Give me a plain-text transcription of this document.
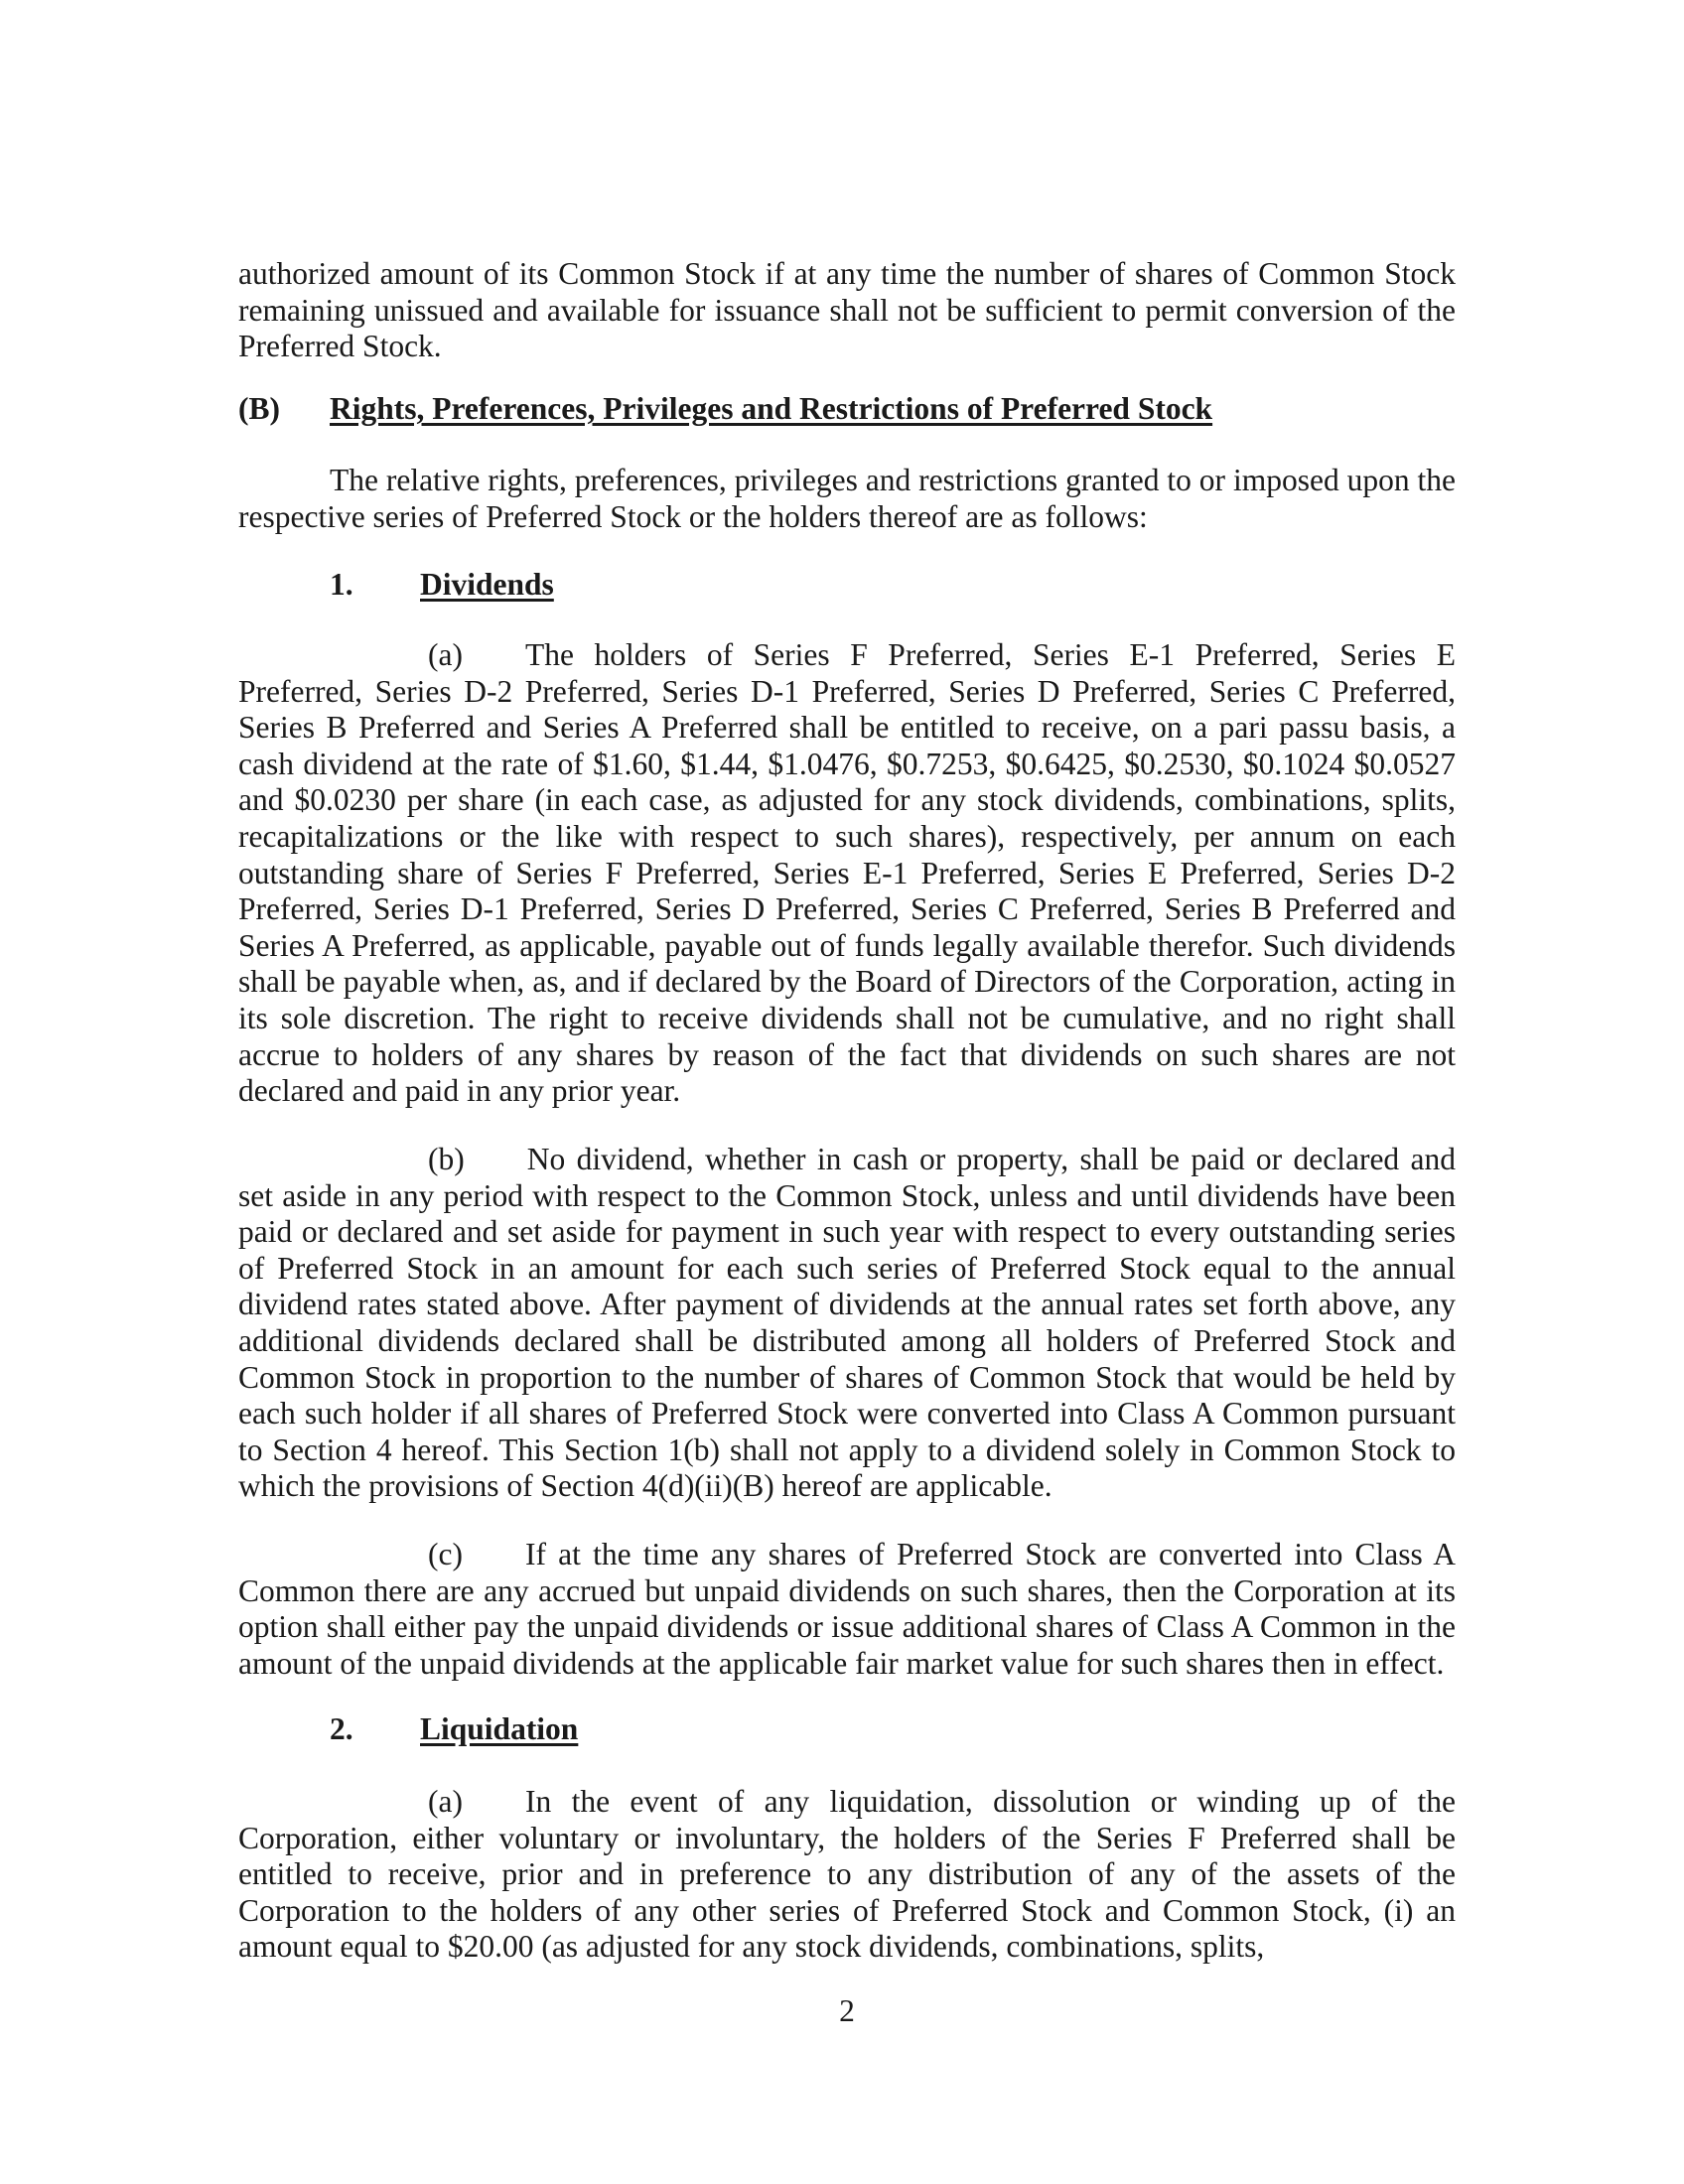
authorized amount of its Common Stock if at any time the number of shares of Common Stock remaining unissued and available for issuance shall not be sufficient to permit conversion of the Preferred Stock.

(B) Rights, Preferences, Privileges and Restrictions of Preferred Stock

The relative rights, preferences, privileges and restrictions granted to or imposed upon the respective series of Preferred Stock or the holders thereof are as follows:

1. Dividends

(a)  The holders of Series F Preferred, Series E-1 Preferred, Series E Preferred, Series D-2 Preferred, Series D-1 Preferred, Series D Preferred, Series C Preferred, Series B Preferred and Series A Preferred shall be entitled to receive, on a pari passu basis, a cash dividend at the rate of $1.60, $1.44, $1.0476, $0.7253, $0.6425, $0.2530, $0.1024 $0.0527 and $0.0230 per share (in each case, as adjusted for any stock dividends, combinations, splits, recapitalizations or the like with respect to such shares), respectively, per annum on each outstanding share of Series F Preferred, Series E-1 Preferred, Series E Preferred, Series D-2 Preferred, Series D-1 Preferred, Series D Preferred, Series C Preferred, Series B Preferred and Series A Preferred, as applicable, payable out of funds legally available therefor. Such dividends shall be payable when, as, and if declared by the Board of Directors of the Corporation, acting in its sole discretion. The right to receive dividends shall not be cumulative, and no right shall accrue to holders of any shares by reason of the fact that dividends on such shares are not declared and paid in any prior year.

(b)  No dividend, whether in cash or property, shall be paid or declared and set aside in any period with respect to the Common Stock, unless and until dividends have been paid or declared and set aside for payment in such year with respect to every outstanding series of Preferred Stock in an amount for each such series of Preferred Stock equal to the annual dividend rates stated above. After payment of dividends at the annual rates set forth above, any additional dividends declared shall be distributed among all holders of Preferred Stock and Common Stock in proportion to the number of shares of Common Stock that would be held by each such holder if all shares of Preferred Stock were converted into Class A Common pursuant to Section 4 hereof. This Section 1(b) shall not apply to a dividend solely in Common Stock to which the provisions of Section 4(d)(ii)(B) hereof are applicable.

(c)  If at the time any shares of Preferred Stock are converted into Class A Common there are any accrued but unpaid dividends on such shares, then the Corporation at its option shall either pay the unpaid dividends or issue additional shares of Class A Common in the amount of the unpaid dividends at the applicable fair market value for such shares then in effect.

2. Liquidation

(a)  In the event of any liquidation, dissolution or winding up of the Corporation, either voluntary or involuntary, the holders of the Series F Preferred shall be entitled to receive, prior and in preference to any distribution of any of the assets of the Corporation to the holders of any other series of Preferred Stock and Common Stock, (i) an amount equal to $20.00 (as adjusted for any stock dividends, combinations, splits,

2
